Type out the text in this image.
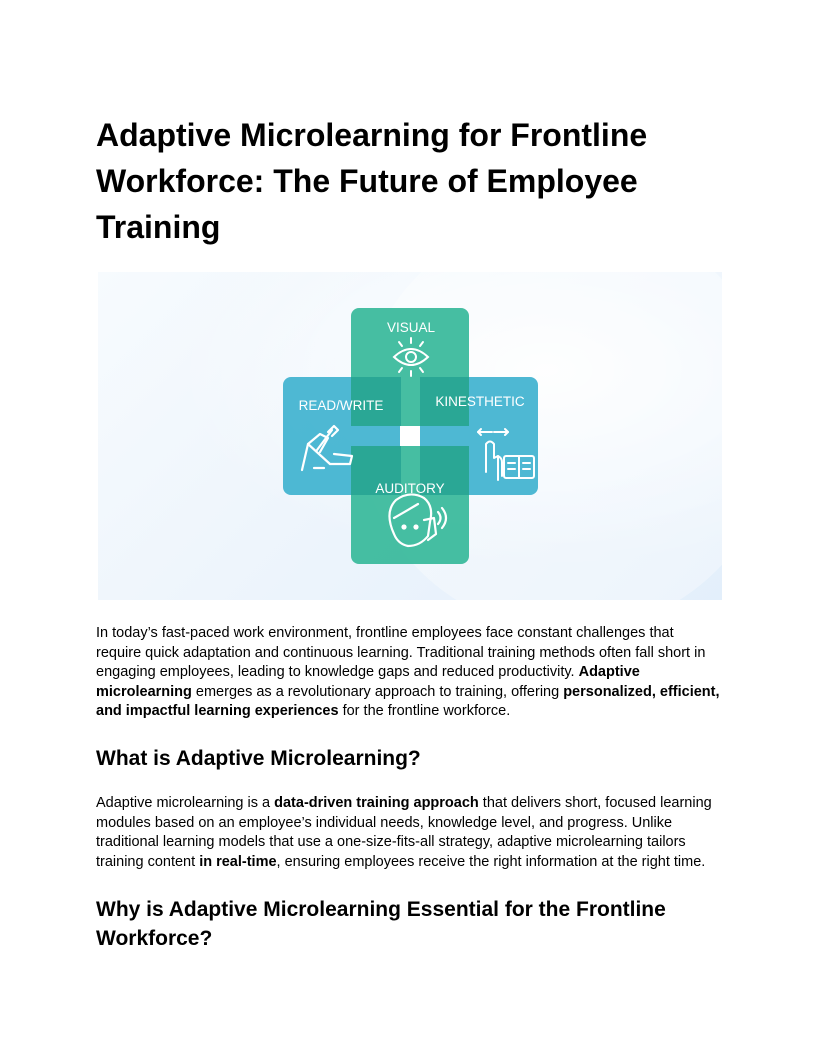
Adaptive Microlearning for Frontline Workforce: The Future of Employee Training
VISUAL
READ/WRITE	KINESTHETIC
AUDITORY

In today’s fast-paced work environment, frontline employees face constant challenges that require quick adaptation and continuous learning. Traditional training methods often fall short in engaging employees, leading to knowledge gaps and reduced productivity. Adaptive microlearning emerges as a revolutionary approach to training, offering personalized, efficient, and impactful learning experiences for the frontline workforce.

What is Adaptive Microlearning?

Adaptive microlearning is a data-driven training approach that delivers short, focused learning modules based on an employee’s individual needs, knowledge level, and progress. Unlike traditional learning models that use a one-size-fits-all strategy, adaptive microlearning tailors training content in real-time, ensuring employees receive the right information at the right time.

Why is Adaptive Microlearning Essential for the Frontline Workforce?
